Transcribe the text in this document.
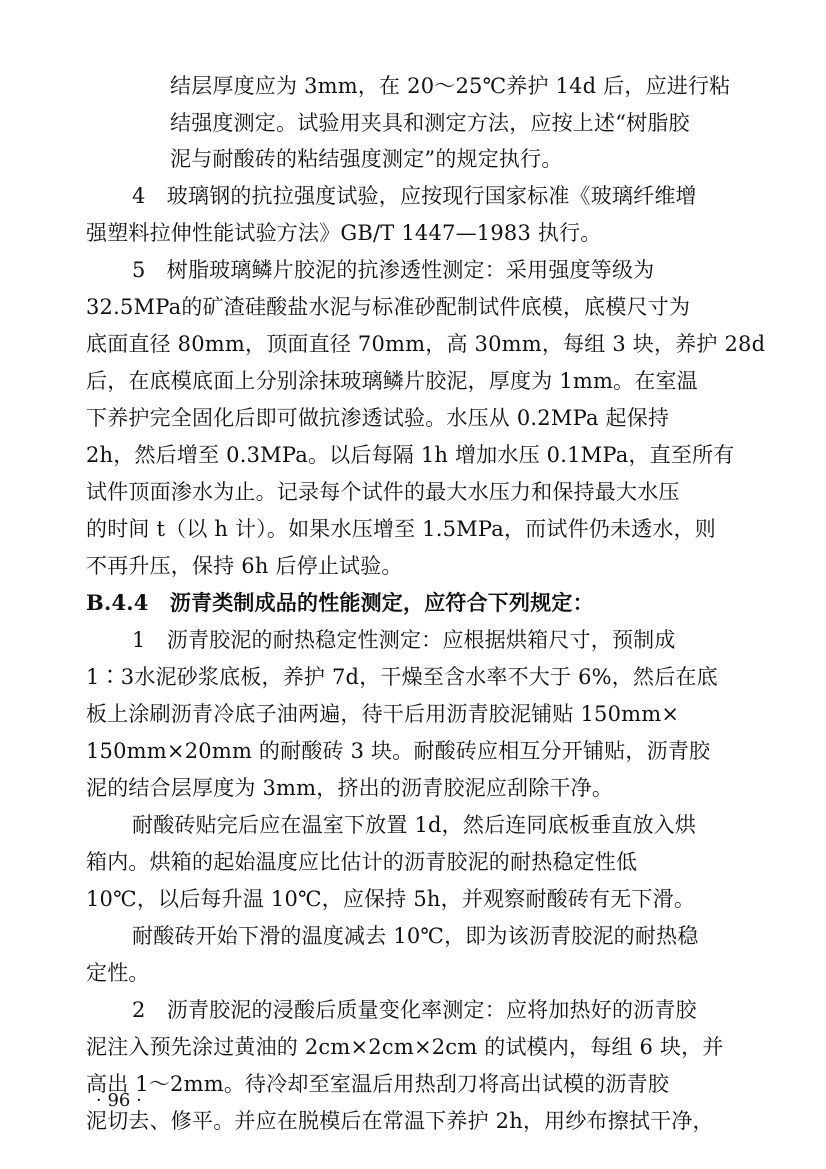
结层厚度应为 3mm，在 20～25℃养护 14d 后，应进行粘
结强度测定。试验用夹具和测定方法，应按上述“树脂胶
泥与耐酸砖的粘结强度测定”的规定执行。
4　玻璃钢的抗拉强度试验，应按现行国家标准《玻璃纤维增
强塑料拉伸性能试验方法》GB/T 1447—1983 执行。
5　树脂玻璃鳞片胶泥的抗渗透性测定：采用强度等级为
32.5MPa的矿渣硅酸盐水泥与标准砂配制试件底模，底模尺寸为
底面直径 80mm，顶面直径 70mm，高 30mm，每组 3 块，养护 28d
后，在底模底面上分别涂抹玻璃鳞片胶泥，厚度为 1mm。在室温
下养护完全固化后即可做抗渗透试验。水压从 0.2MPa 起保持
2h，然后增至 0.3MPa。以后每隔 1h 增加水压 0.1MPa，直至所有
试件顶面渗水为止。记录每个试件的最大水压力和保持最大水压
的时间 t（以 h 计）。如果水压增至 1.5MPa，而试件仍未透水，则
不再升压，保持 6h 后停止试验。
B.4.4　沥青类制成品的性能测定，应符合下列规定：
1　沥青胶泥的耐热稳定性测定：应根据烘箱尺寸，预制成
1∶3水泥砂浆底板，养护 7d，干燥至含水率不大于 6%，然后在底
板上涂刷沥青冷底子油两遍，待干后用沥青胶泥铺贴 150mm×
150mm×20mm 的耐酸砖 3 块。耐酸砖应相互分开铺贴，沥青胶
泥的结合层厚度为 3mm，挤出的沥青胶泥应刮除干净。
耐酸砖贴完后应在温室下放置 1d，然后连同底板垂直放入烘
箱内。烘箱的起始温度应比估计的沥青胶泥的耐热稳定性低
10℃，以后每升温 10℃，应保持 5h，并观察耐酸砖有无下滑。
耐酸砖开始下滑的温度减去 10℃，即为该沥青胶泥的耐热稳
定性。
2　沥青胶泥的浸酸后质量变化率测定：应将加热好的沥青胶
泥注入预先涂过黄油的 2cm×2cm×2cm 的试模内，每组 6 块，并
高出 1～2mm。待冷却至室温后用热刮刀将高出试模的沥青胶
泥切去、修平。并应在脱模后在常温下养护 2h，用纱布擦拭干净，
· 96 ·
